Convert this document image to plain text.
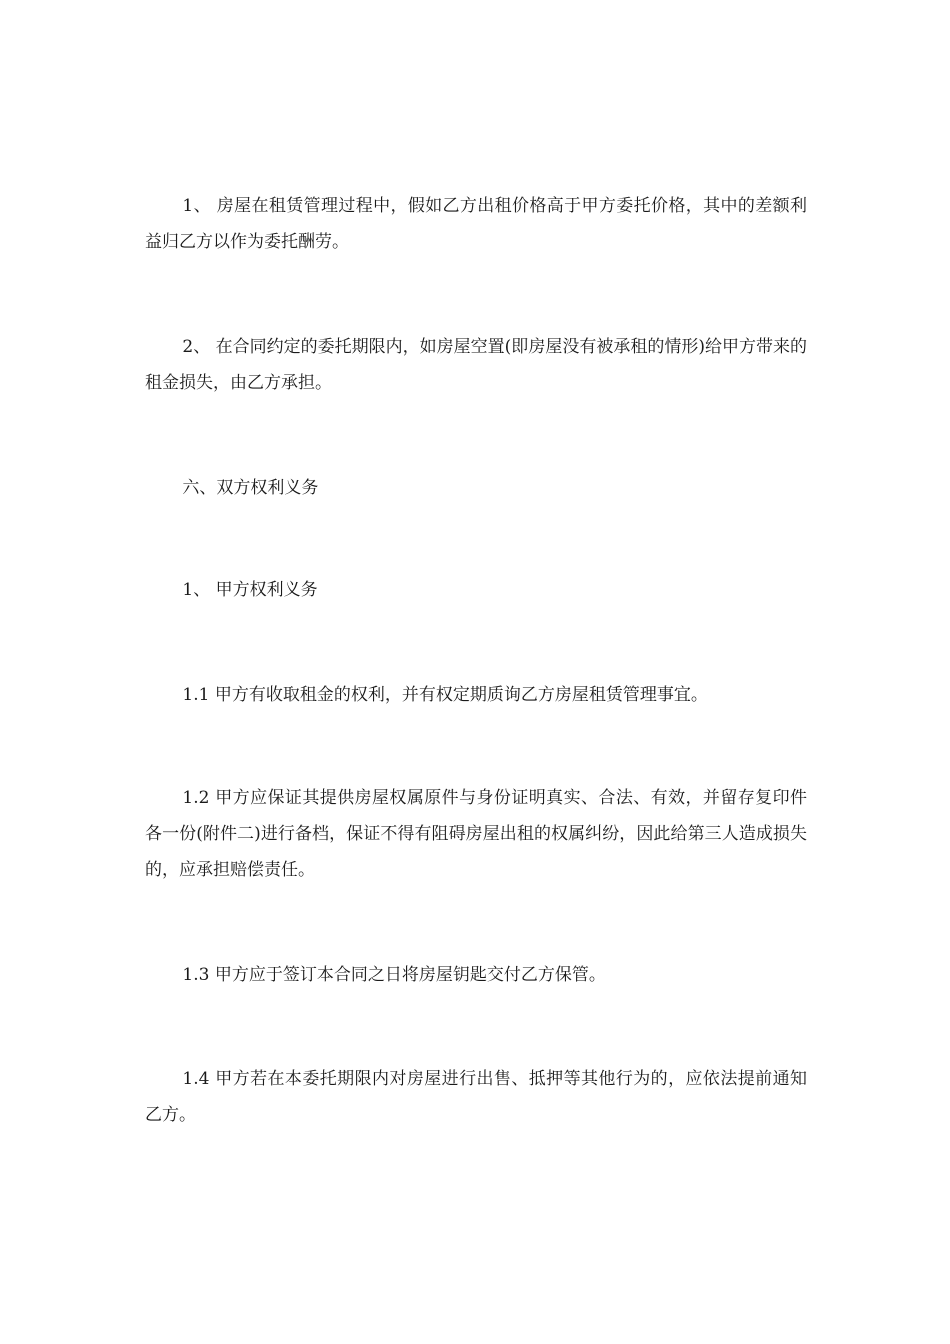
1、 房屋在租赁管理过程中，假如乙方出租价格高于甲方委托价格，其中的差额利益归乙方以作为委托酬劳。

2、 在合同约定的委托期限内，如房屋空置(即房屋没有被承租的情形)给甲方带来的租金损失，由乙方承担。

六、双方权利义务

1、 甲方权利义务

1.1 甲方有收取租金的权利，并有权定期质询乙方房屋租赁管理事宜。

1.2 甲方应保证其提供房屋权属原件与身份证明真实、合法、有效，并留存复印件各一份(附件二)进行备档，保证不得有阻碍房屋出租的权属纠纷，因此给第三人造成损失的，应承担赔偿责任。

1.3 甲方应于签订本合同之日将房屋钥匙交付乙方保管。

1.4 甲方若在本委托期限内对房屋进行出售、抵押等其他行为的，应依法提前通知乙方。
